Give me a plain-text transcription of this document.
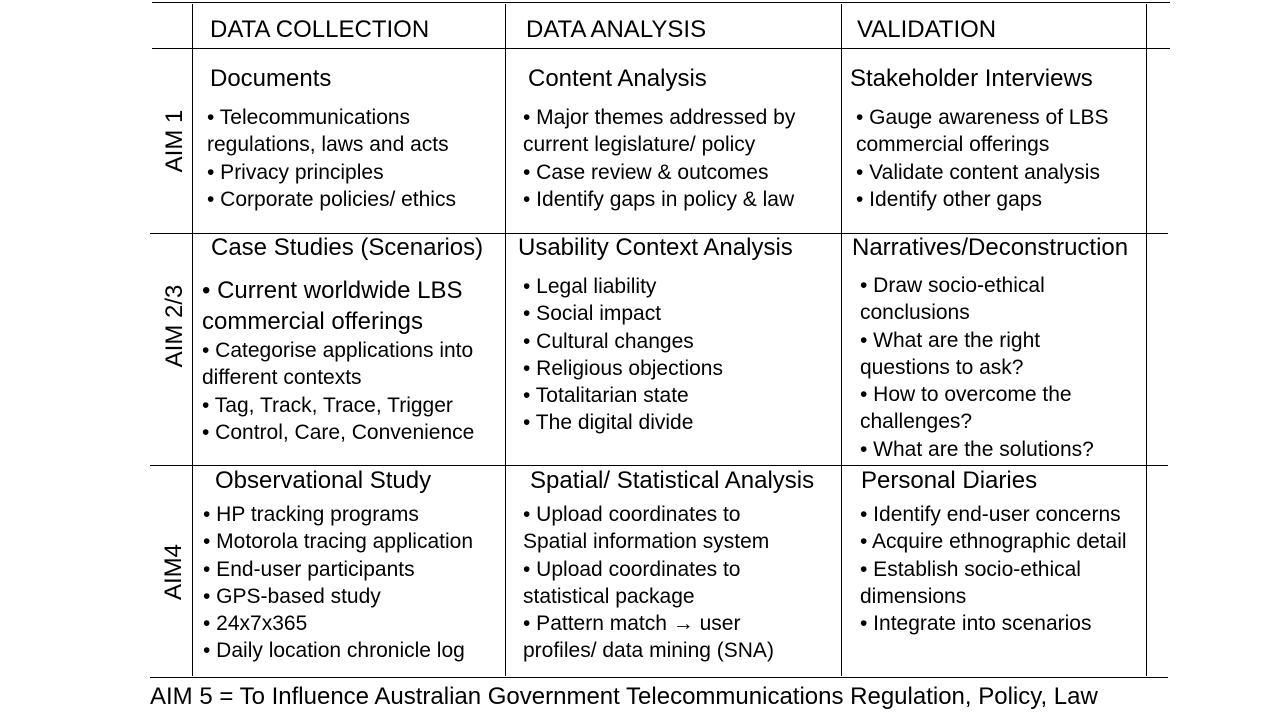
DATA COLLECTION	DATA ANALYSIS	VALIDATION
AIM 1
AIM 2/3
AIM4
Documents
• Telecommunications
regulations, laws and acts
• Privacy principles
• Corporate policies/ ethics
Content Analysis
• Major themes addressed by
current legislature/ policy
• Case review & outcomes
• Identify gaps in policy & law
Stakeholder Interviews
• Gauge awareness of LBS
commercial offerings
• Validate content analysis
• Identify other gaps
Case Studies (Scenarios)
• Current worldwide LBS
commercial offerings
• Categorise applications into
different contexts
• Tag, Track, Trace, Trigger
• Control, Care, Convenience
Usability Context Analysis
• Legal liability
• Social impact
• Cultural changes
• Religious objections
• Totalitarian state
• The digital divide
Narratives/Deconstruction
• Draw socio-ethical
conclusions
• What are the right
questions to ask?
• How to overcome the
challenges?
• What are the solutions?
Observational Study
• HP tracking programs
• Motorola tracing application
• End-user participants
• GPS-based study
• 24x7x365
• Daily location chronicle log
Spatial/ Statistical Analysis
• Upload coordinates to
Spatial information system
• Upload coordinates to
statistical package
• Pattern match → user
profiles/ data mining (SNA)
Personal Diaries
• Identify end-user concerns
• Acquire ethnographic detail
• Establish socio-ethical
dimensions
• Integrate into scenarios
AIM 5 = To Influence Australian Government Telecommunications Regulation, Policy, Law
